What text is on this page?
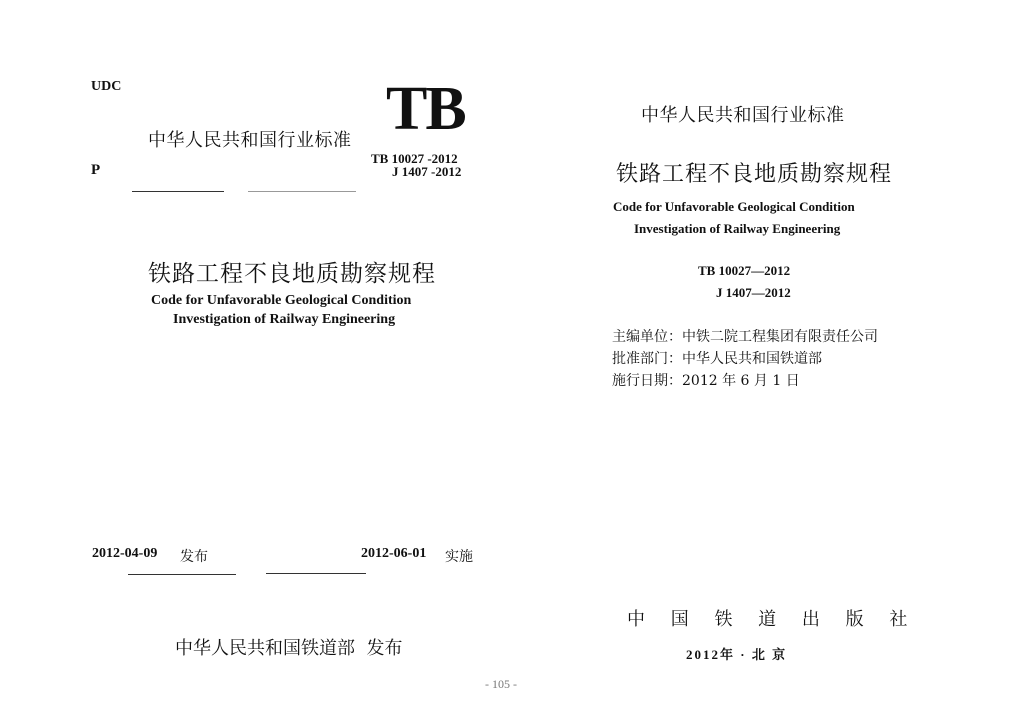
UDC
P
中华人民共和国行业标准 TB
TB 10027 -2012
J 1407 -2012
铁路工程不良地质勘察规程
Code for Unfavorable Geological Condition
Investigation of Railway Engineering
2012-04-09 发布	2012-06-01 实施
中华人民共和国铁道部  发布
- 105 -
中华人民共和国行业标准
铁路工程不良地质勘察规程
Code for Unfavorable Geological Condition
Investigation of Railway Engineering
TB 10027—2012
J 1407—2012
主编单位：中铁二院工程集团有限责任公司
批准部门：中华人民共和国铁道部
施行日期：2012 年 6 月 1 日
中 国 铁 道 出 版 社
2012年 · 北 京
